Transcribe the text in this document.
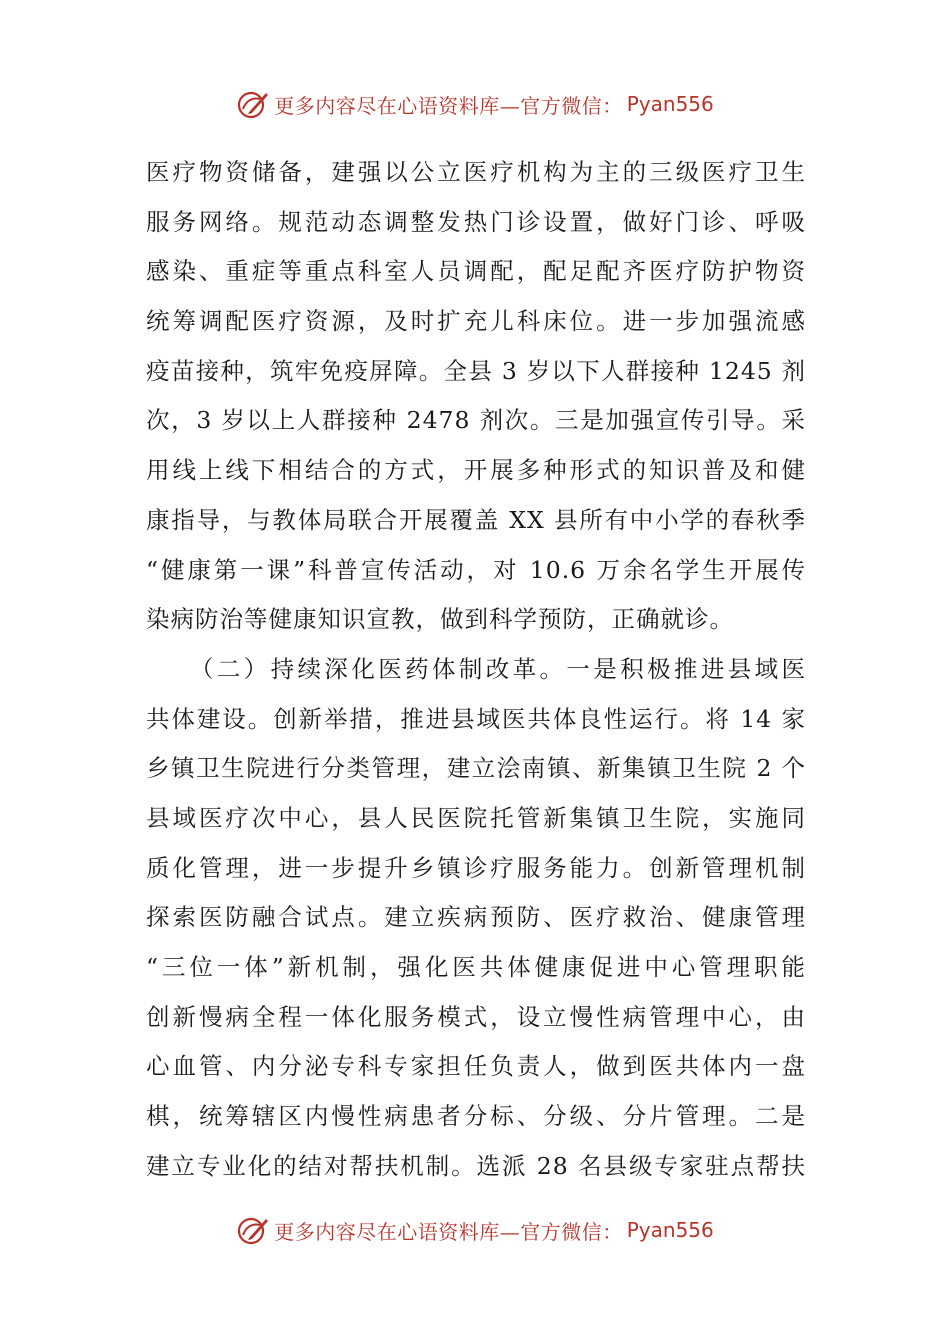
更多内容尽在心语资料库—官方微信： Pyan556
医疗物资储备，建强以公立医疗机构为主的三级医疗卫生
服务网络。规范动态调整发热门诊设置，做好门诊、呼吸
感染、重症等重点科室人员调配，配足配齐医疗防护物资
统筹调配医疗资源，及时扩充儿科床位。进一步加强流感
疫苗接种，筑牢免疫屏障。全县 3 岁以下人群接种 1245 剂
次，3 岁以上人群接种 2478 剂次。三是加强宣传引导。采
用线上线下相结合的方式，开展多种形式的知识普及和健
康指导，与教体局联合开展覆盖 XX 县所有中小学的春秋季
“健康第一课”科普宣传活动，对 10.6 万余名学生开展传
染病防治等健康知识宣教，做到科学预防，正确就诊。
（二）持续深化医药体制改革。一是积极推进县域医
共体建设。创新举措，推进县域医共体良性运行。将 14 家
乡镇卫生院进行分类管理，建立浍南镇、新集镇卫生院 2 个
县域医疗次中心，县人民医院托管新集镇卫生院，实施同
质化管理，进一步提升乡镇诊疗服务能力。创新管理机制
探索医防融合试点。建立疾病预防、医疗救治、健康管理
“三位一体”新机制，强化医共体健康促进中心管理职能
创新慢病全程一体化服务模式，设立慢性病管理中心，由
心血管、内分泌专科专家担任负责人，做到医共体内一盘
棋，统筹辖区内慢性病患者分标、分级、分片管理。二是
建立专业化的结对帮扶机制。选派 28 名县级专家驻点帮扶
更多内容尽在心语资料库—官方微信： Pyan556
